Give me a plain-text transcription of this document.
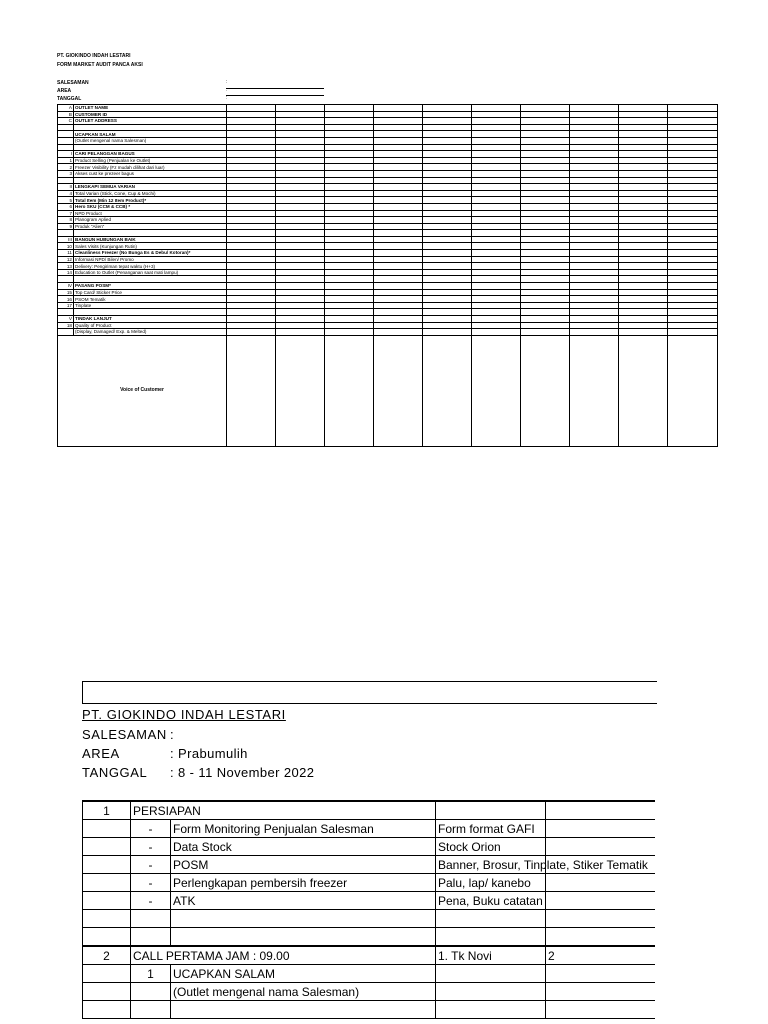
PT. GIOKINDO INDAH LESTARI
FORM MARKET AUDIT PANCA AKSI
SALESAMAN	:
AREA	:
TANGGAL	:
A	OUTLET NAME										
B	CUSTOMER ID										
C	OUTLET ADDRESS										

	UCAPKAN SALAM										
	(Outlet mengenal nama Salesman)										

I	CARI PELANGGAN BAGUS										
1	Product Selling (Penjualan ke Outlet)										
2	Freezer Visibility (Fz mudah dilihat dari luar)										
3	Akses cust ke prezeer bagus										

II	LENGKAPI SEMUA VARIAN										
4	Total Varian (Stick, Cone, Cup & Mochi)										
5	Total Item (Min 12 Item Product)*										
6	Hero SKU (CCM & CCB) *										
7	NPD Product										
8	Planogram Aplied										
9	Produk "Alien"										

III	BANGUN HUBUNGAN BAIK										
10	Sales Visits (Kunjungan Rutin)										
11	Cleanliness Freezer (No Bunga Es & Debu/ Kotoran)*										
12	Informasi NPD/ Bilen/ Promo										
13	Delivery: Pengiriman tepat waktu (H+3)										
14	Education to Outlet (Penanganan saat mati lampu)										

IV	PASANG POSM*										
15	Top Card/ Sticker Price										
16	PSOM Tematik										
17	Tinplate										

V	TINDAK LANJUT										
18	Quality of Product										
	(Display, Damaged/ Exp. & Melted)										
Voice of Customer											
PT. GIOKINDO INDAH LESTARI
SALESAMAN :
AREA	: Prabumulih
TANGGAL : 8 - 11 November 2022
1	PERSIAPAN			
	-	Form Monitoring Penjualan Salesman	Form format GAFI	
	-	Data Stock	Stock Orion	
	-	POSM	Banner, Brosur, Tinplate, Stiker Tematik	
	-	Perlengkapan pembersih freezer	Palu, lap/ kanebo	
	-	ATK	Pena, Buku catatan	

2	CALL PERTAMA JAM : 09.00		1. Tk Novi	2
	1	UCAPKAN SALAM		
		(Outlet mengenal nama Salesman)		
